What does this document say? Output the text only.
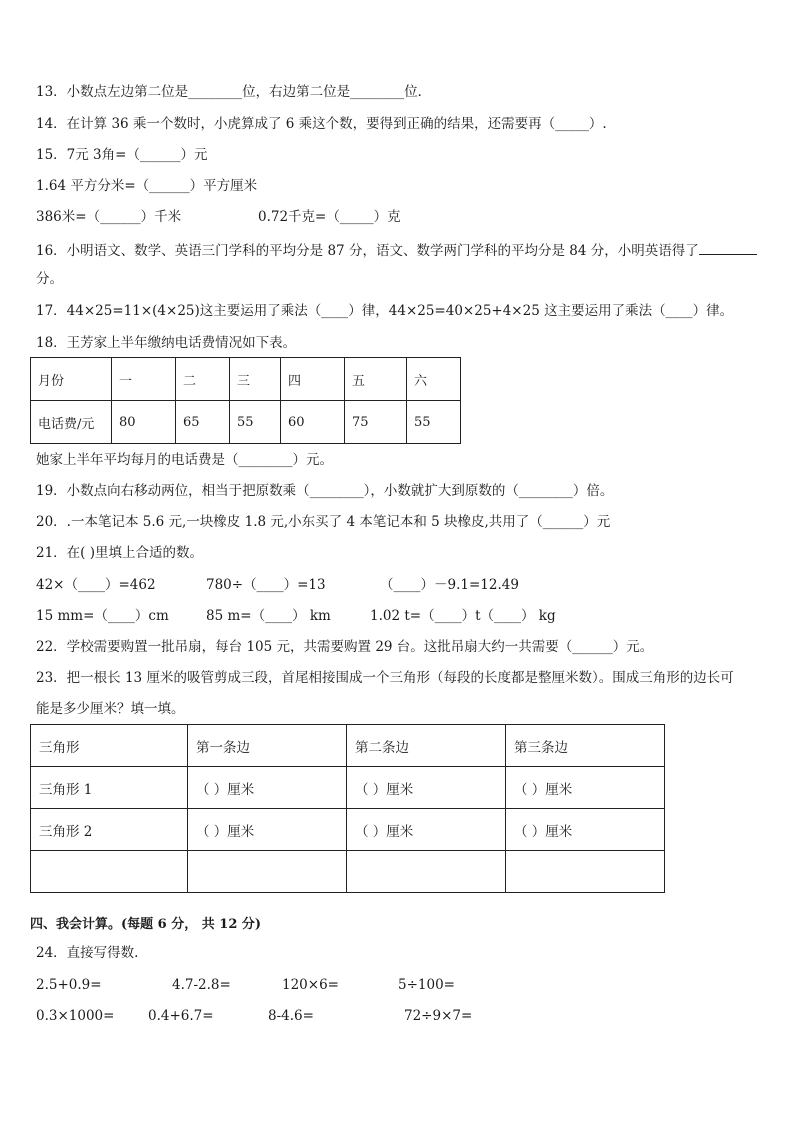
13．小数点左边第二位是________位，右边第二位是________位．
14．在计算 36 乘一个数时，小虎算成了 6 乘这个数，要得到正确的结果，还需要再（_____）.
15．7元 3角=（______）元
1.64 平方分米=（______）平方厘米
386米=（______）千米	0.72千克=（_____）克
16．小明语文、数学、英语三门学科的平均分是 87 分，语文、数学两门学科的平均分是 84 分，小明英语得了
分。
17．44×25=11×(4×25)这主要运用了乘法（____）律，44×25=40×25+4×25 这主要运用了乘法（____）律。
18．王芳家上半年缴纳电话费情况如下表。
月份	一	二	三	四	五	六
电话费/元	80	65	55	60	75	55
她家上半年平均每月的电话费是（________）元。
19．小数点向右移动两位，相当于把原数乘（________），小数就扩大到原数的（________）倍。
20．.一本笔记本 5.6 元,一块橡皮 1.8 元,小东买了 4 本笔记本和 5 块橡皮,共用了（______）元
21．在( )里填上合适的数。
42×（____）=462	780÷（____）=13	（____）－9.1=12.49
15 mm=（____）cm	85 m=（____） km	1.02 t=（____）t（____） kg
22．学校需要购置一批吊扇，每台 105 元，共需要购置 29 台。这批吊扇大约一共需要（______）元。
23．把一根长 13 厘米的吸管剪成三段，首尾相接围成一个三角形（每段的长度都是整厘米数）。围成三角形的边长可
能是多少厘米？填一填。
三角形	第一条边	第二条边	第三条边
三角形 1	（ ）厘米	（ ）厘米	（ ）厘米
三角形 2	（ ）厘米	（ ）厘米	（ ）厘米

四、我会计算。(每题 6 分， 共 12 分)
24．直接写得数.
2.5+0.9=	4.7-2.8=	120×6=	5÷100=
0.3×1000= 0.4+6.7=	8-4.6=	72÷9×7=
